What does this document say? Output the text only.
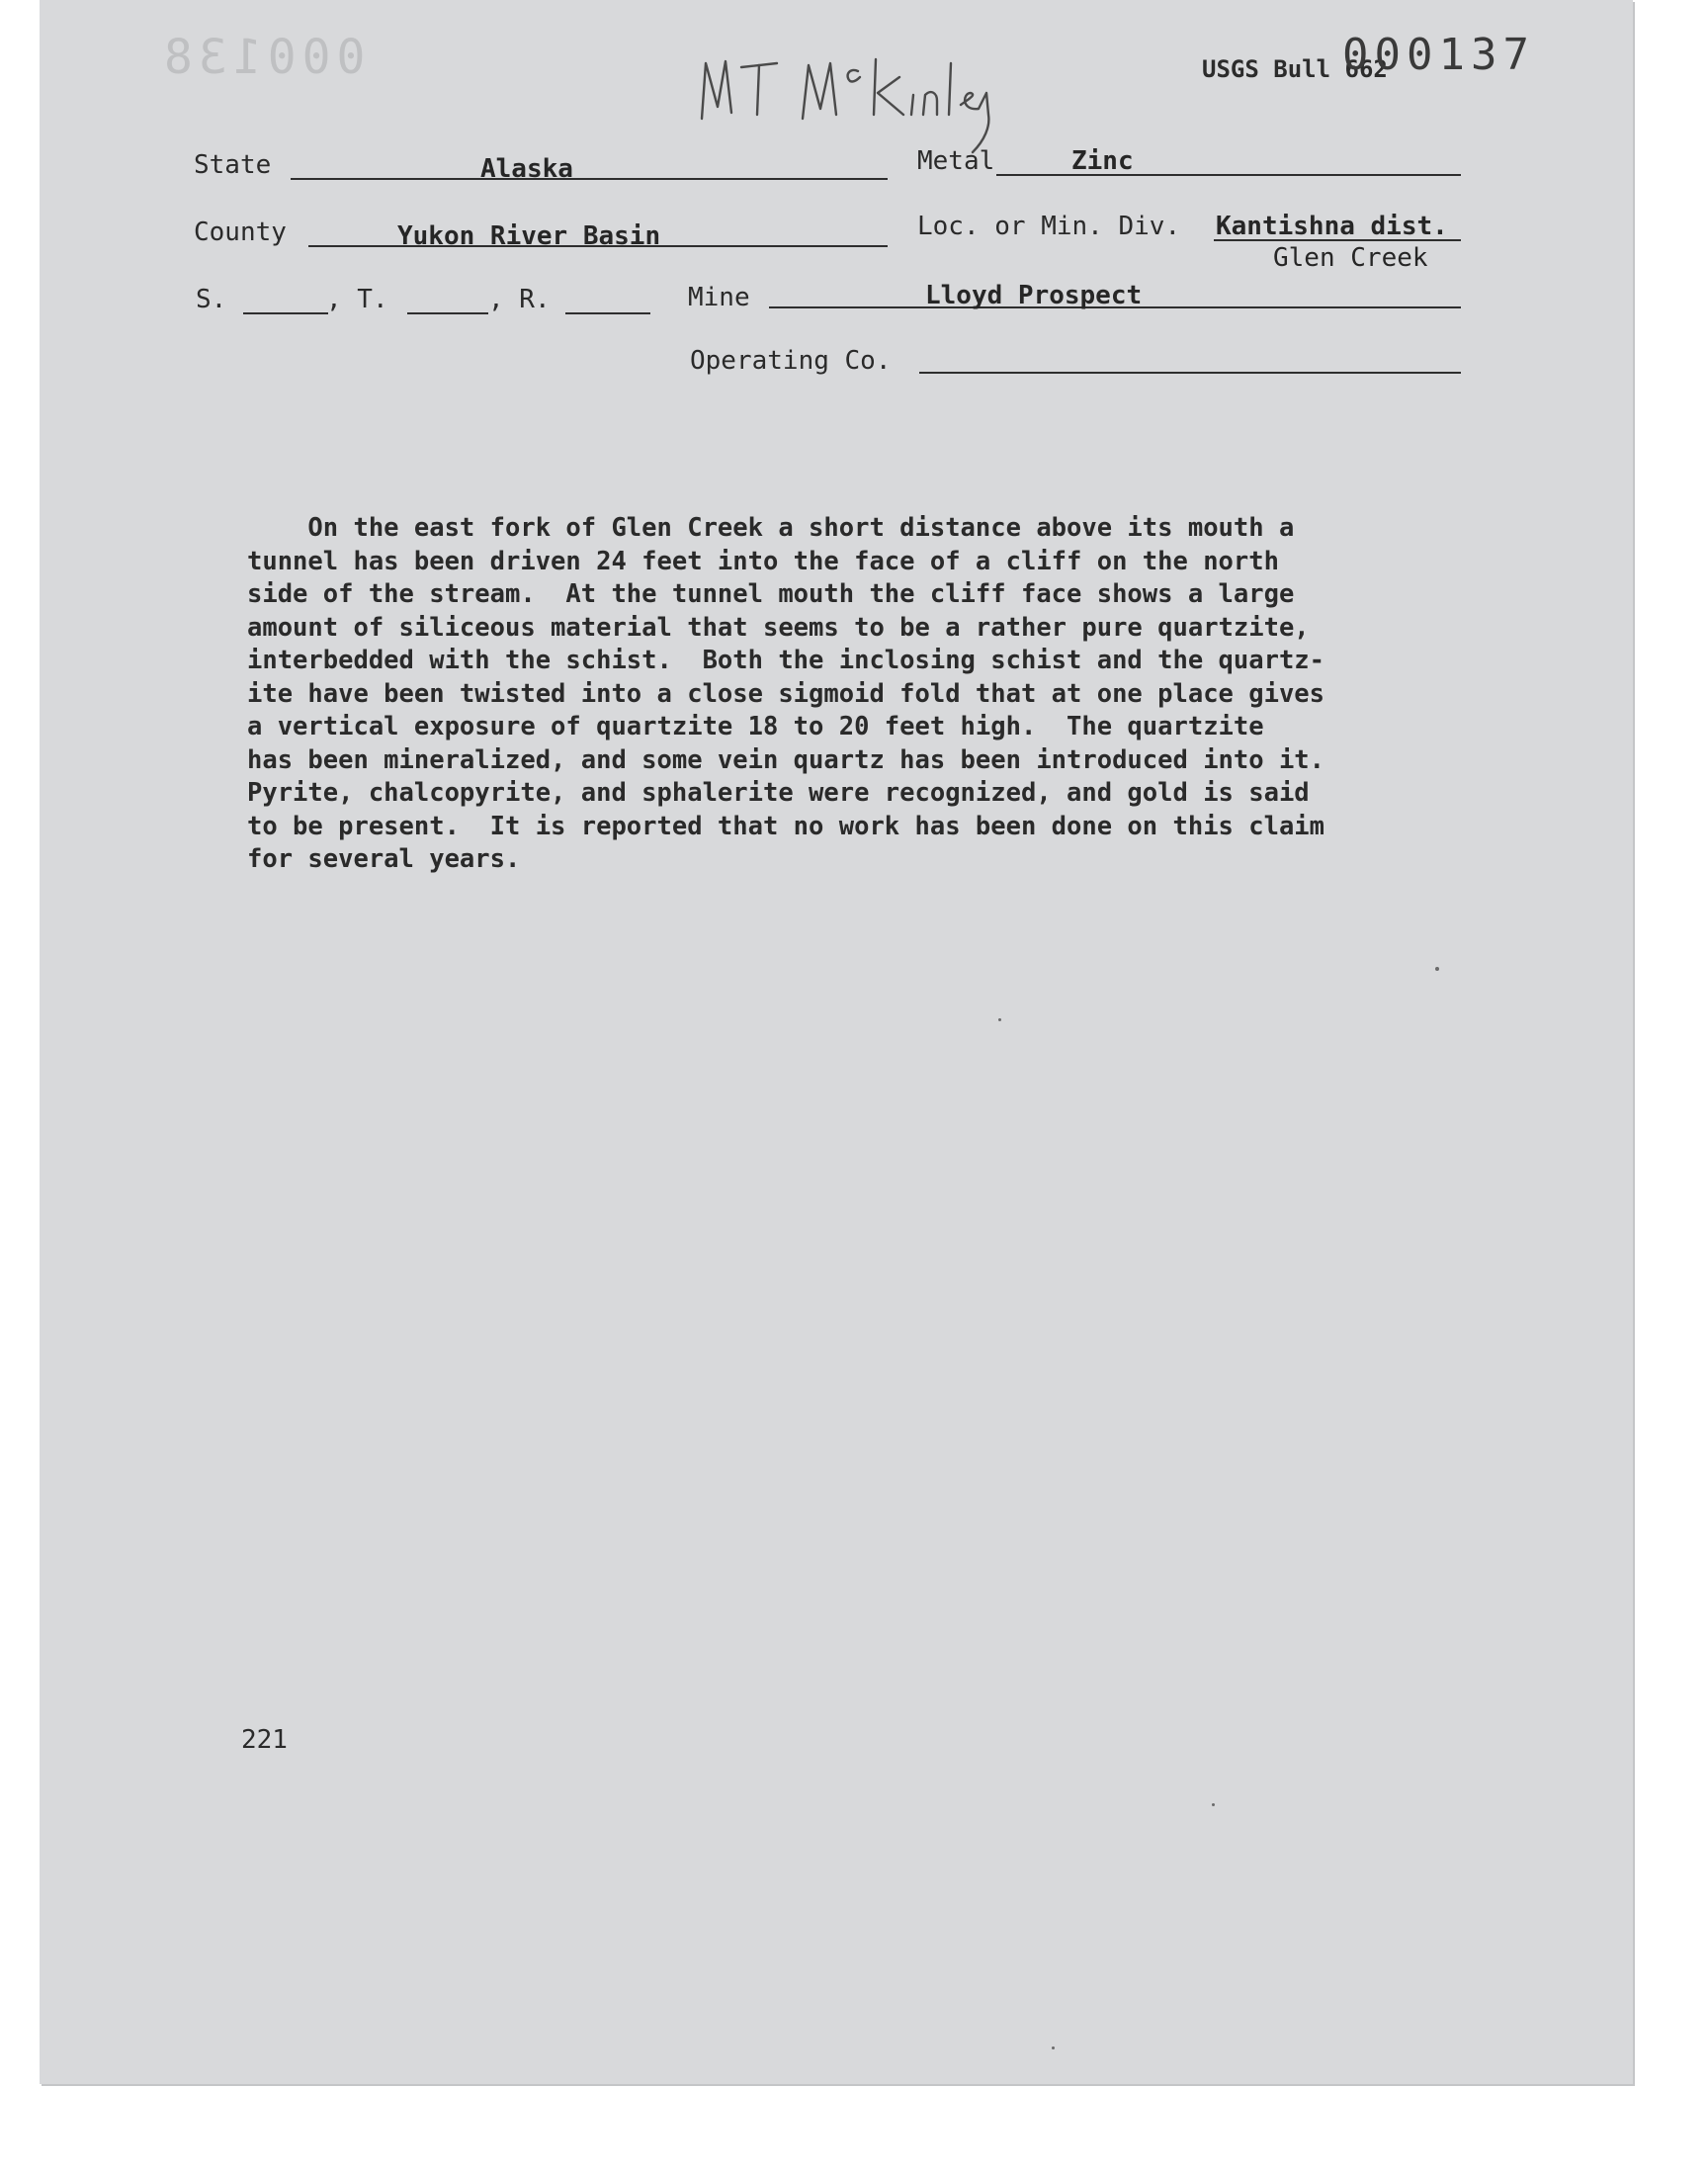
000138	Mt McKinley
USGS Bull 662
000137
State	Alaska	Metal	Zinc
County	Yukon River Basin	Loc. or Min. Div. Kantishna dist.
Glen Creek
S.	, T.	, R.	Mine	Lloyd Prospect
Operating Co.
On the east fork of Glen Creek a short distance above its mouth a
tunnel has been driven 24 feet into the face of a cliff on the north
side of the stream.  At the tunnel mouth the cliff face shows a large
amount of siliceous material that seems to be a rather pure quartzite,
interbedded with the schist.  Both the inclosing schist and the quartz-
ite have been twisted into a close sigmoid fold that at one place gives
a vertical exposure of quartzite 18 to 20 feet high.  The quartzite
has been mineralized, and some vein quartz has been introduced into it.
Pyrite, chalcopyrite, and sphalerite were recognized, and gold is said
to be present.  It is reported that no work has been done on this claim
for several years.
221
